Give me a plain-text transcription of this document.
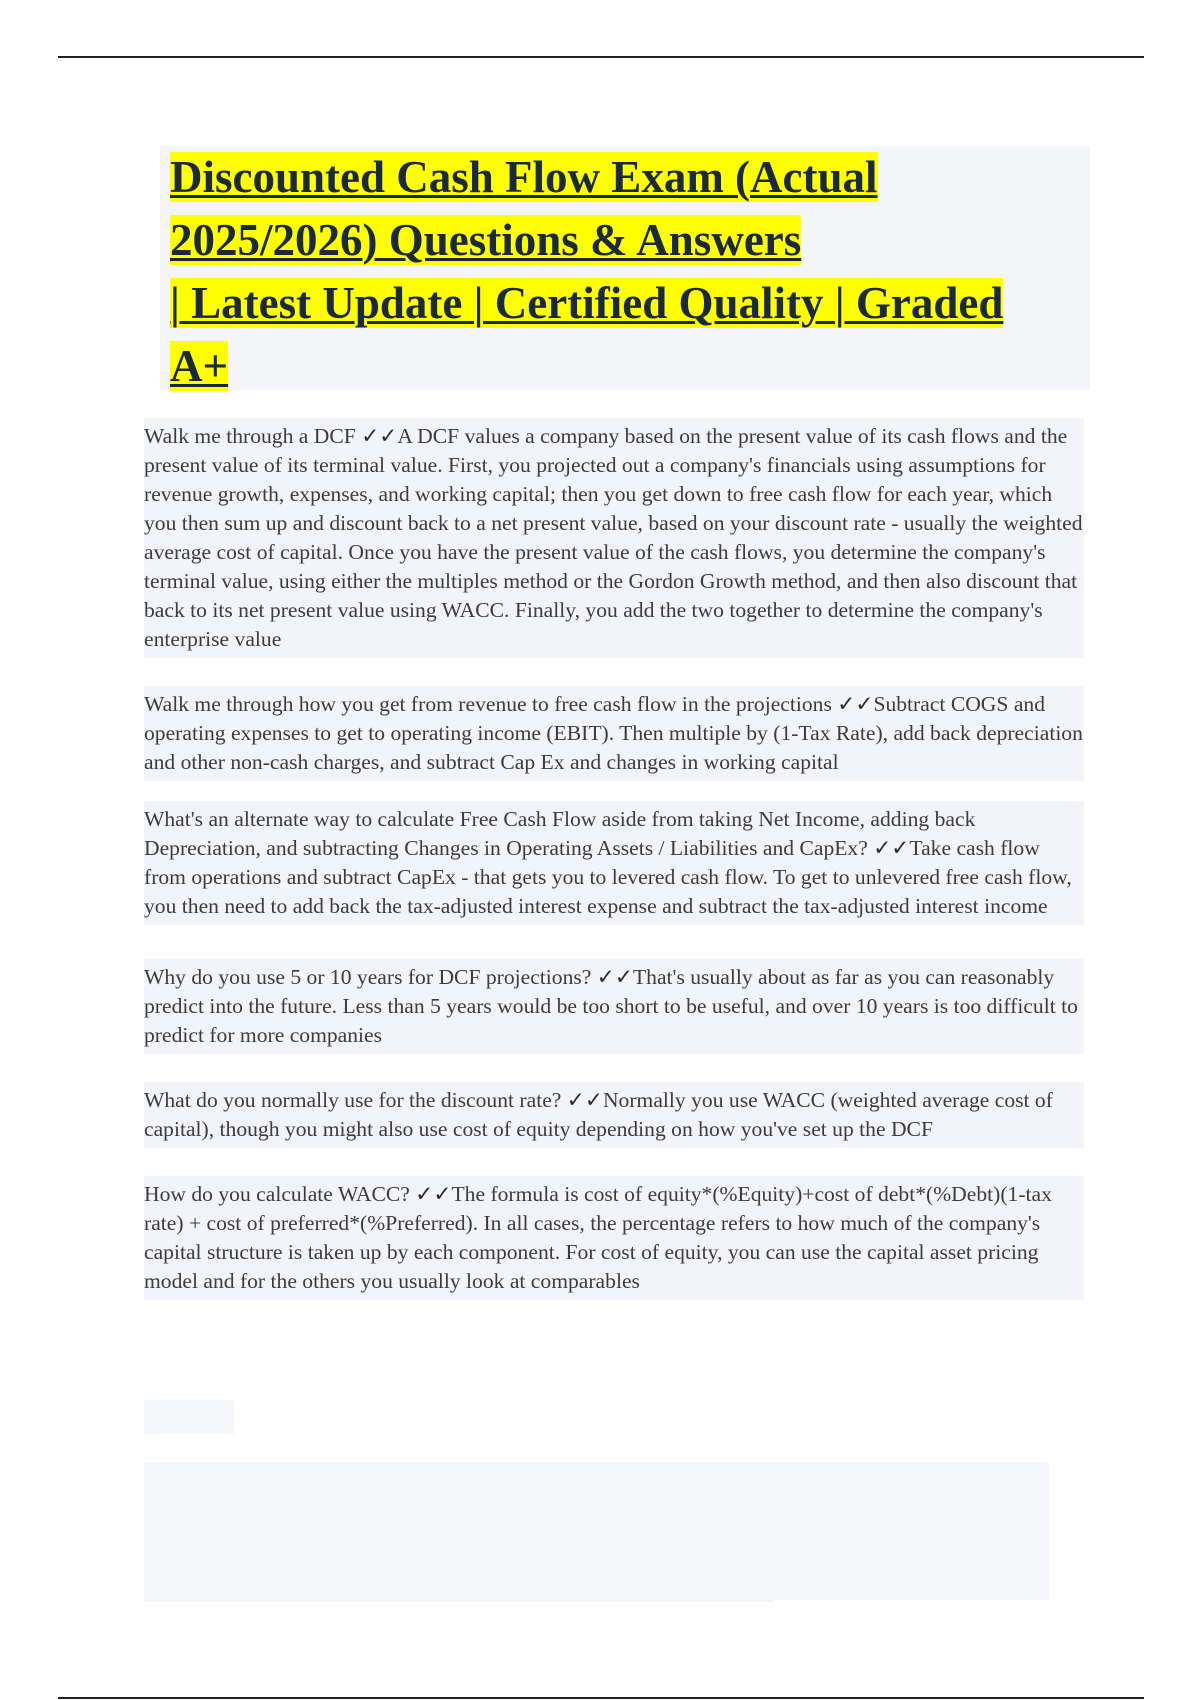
Discounted Cash Flow Exam (Actual
2025/2026) Questions & Answers
| Latest Update | Certified Quality | Graded
A+

Walk me through a DCF ✓✓A DCF values a company based on the present value of its cash flows and the present value of its terminal value. First, you projected out a company's financials using assumptions for revenue growth, expenses, and working capital; then you get down to free cash flow for each year, which you then sum up and discount back to a net present value, based on your discount rate - usually the weighted average cost of capital. Once you have the present value of the cash flows, you determine the company's terminal value, using either the multiples method or the Gordon Growth method, and then also discount that back to its net present value using WACC. Finally, you add the two together to determine the company's enterprise value

Walk me through how you get from revenue to free cash flow in the projections ✓✓Subtract COGS and operating expenses to get to operating income (EBIT). Then multiple by (1-Tax Rate), add back depreciation and other non-cash charges, and subtract Cap Ex and changes in working capital

What's an alternate way to calculate Free Cash Flow aside from taking Net Income, adding back Depreciation, and subtracting Changes in Operating Assets / Liabilities and CapEx? ✓✓Take cash flow from operations and subtract CapEx - that gets you to levered cash flow. To get to unlevered free cash flow, you then need to add back the tax-adjusted interest expense and subtract the tax-adjusted interest income

Why do you use 5 or 10 years for DCF projections? ✓✓That's usually about as far as you can reasonably predict into the future. Less than 5 years would be too short to be useful, and over 10 years is too difficult to predict for more companies

What do you normally use for the discount rate? ✓✓Normally you use WACC (weighted average cost of capital), though you might also use cost of equity depending on how you've set up the DCF

How do you calculate WACC? ✓✓The formula is cost of equity*(%Equity)+cost of debt*(%Debt)(1-tax rate) + cost of preferred*(%Preferred). In all cases, the percentage refers to how much of the company's capital structure is taken up by each component. For cost of equity, you can use the capital asset pricing model and for the others you usually look at comparables
